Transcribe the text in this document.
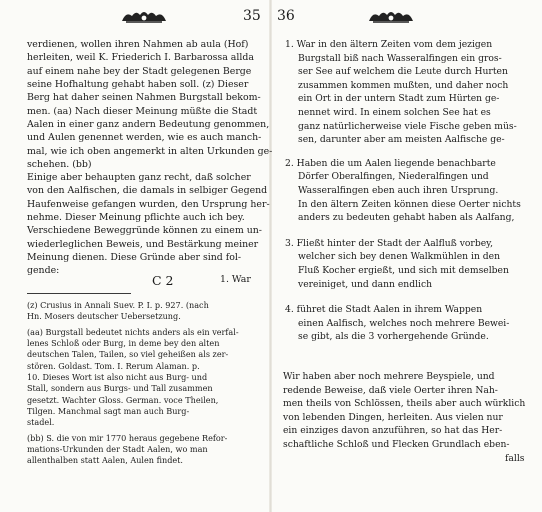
35
verdienen, wollen ihren Nahmen ab aula (Hof)
herleiten, weil K. Friederich I. Barbarossa allda
auf einem nahe bey der Stadt gelegenen Berge
seine Hofhaltung gehabt haben soll. (z) Dieser
Berg hat daher seinen Nahmen Burgstall bekom-
men. (aa) Nach dieser Meinung müßte die Stadt
Aalen in einer ganz andern Bedeutung genommen,
und Aulen genennet werden, wie es auch manch-
mal, wie ich oben angemerkt in alten Urkunden ge-
schehen. (bb)
Einige aber behaupten ganz recht, daß solcher
von den Aalfischen, die damals in selbiger Gegend
Haufenweise gefangen wurden, den Ursprung her-
nehme. Dieser Meinung pflichte auch ich bey.
Verschiedene Beweggründe können zu einem un-
wiederleglichen Beweis, und Bestärkung meiner
Meinung dienen. Diese Gründe aber sind fol-
gende:
C 2	1. War
(z) Crusius in Annali Suev. P. I. p. 927. (nach
Hn. Mosers deutscher Uebersetzung.
(aa) Burgstall bedeutet nichts anders als ein verfal-
lenes Schloß oder Burg, in deme bey den alten
deutschen Talen, Tailen, so viel geheißen als zer-
stören. Goldast. Tom. I. Rerum Alaman. p.
10. Dieses Wort ist also nicht aus Burg- und
Stall, sondern aus Burgs- und Tall zusammen
gesetzt. Wachter Gloss. German. voce Theilen,
Tilgen. Manchmal sagt man auch Burg-
stadel.
(bb) S. die von mir 1770 heraus gegebene Refor-
mations-Urkunden der Stadt Aalen, wo man
allenthalben statt Aalen, Aulen findet.
36
1. War in den ältern Zeiten vom dem jezigen
Burgstall biß nach Wasseralfingen ein gros-
ser See auf welchem die Leute durch Hurten
zusammen kommen mußten, und daher noch
ein Ort in der untern Stadt zum Hürten ge-
nennet wird. In einem solchen See hat es
ganz natürlicherweise viele Fische geben müs-
sen, darunter aber am meisten Aalfische ge-
2. Haben die um Aalen liegende benachbarte
Dörfer Oberalfingen, Niederalfingen und
Wasseralfingen eben auch ihren Ursprung.
In den ältern Zeiten können diese Oerter nichts
anders zu bedeuten gehabt haben als Aalfang,
3. Fließt hinter der Stadt der Aalfluß vorbey,
welcher sich bey denen Walkmühlen in den
Fluß Kocher ergießt, und sich mit demselben
vereiniget, und dann endlich
4. führet die Stadt Aalen in ihrem Wappen
einen Aalfisch, welches noch mehrere Bewei-
se gibt, als die 3 vorhergehende Gründe.
Wir haben aber noch mehrere Beyspiele, und
redende Beweise, daß viele Oerter ihren Nah-
men theils von Schlössen, theils aber auch würklich
von lebenden Dingen, herleiten. Aus vielen nur
ein einziges davon anzuführen, so hat das Her-
schaftliche Schloß und Flecken Grundlach eben-
falls
